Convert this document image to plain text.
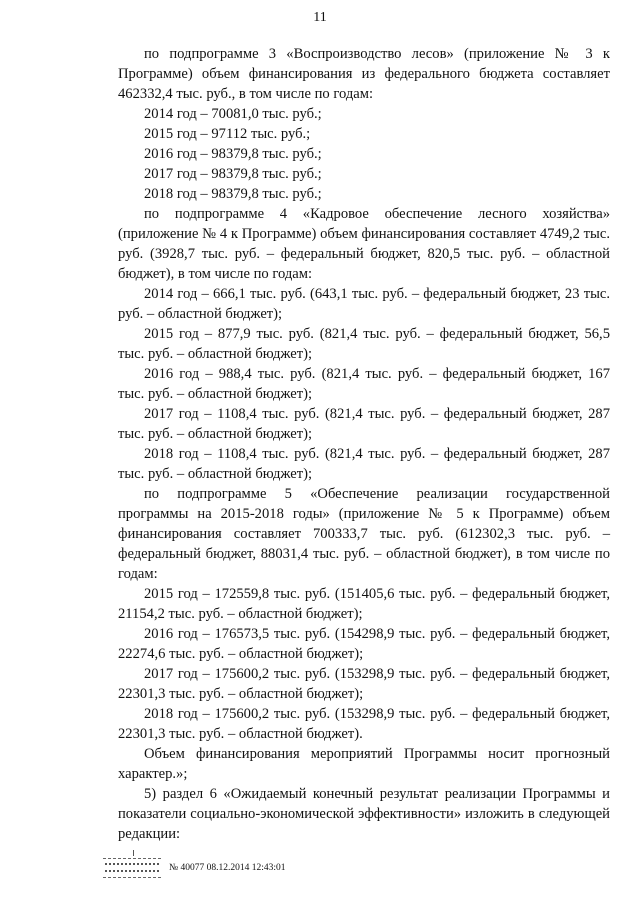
11

по подпрограмме 3 «Воспроизводство лесов» (приложение № 3 к Программе) объем финансирования из федерального бюджета составляет 462332,4 тыс. руб., в том числе по годам:

2014 год – 70081,0 тыс. руб.;

2015 год – 97112 тыс. руб.;

2016 год – 98379,8 тыс. руб.;

2017 год – 98379,8 тыс. руб.;

2018 год – 98379,8 тыс. руб.;

по подпрограмме 4 «Кадровое обеспечение лесного хозяйства» (приложение № 4 к Программе) объем финансирования составляет 4749,2 тыс. руб. (3928,7 тыс. руб. – федеральный бюджет, 820,5 тыс. руб. – областной бюджет), в том числе по годам:

2014 год – 666,1 тыс. руб. (643,1 тыс. руб. – федеральный бюджет, 23 тыс. руб. – областной бюджет);

2015 год – 877,9 тыс. руб. (821,4 тыс. руб. – федеральный бюджет, 56,5 тыс. руб. – областной бюджет);

2016 год – 988,4 тыс. руб. (821,4 тыс. руб. – федеральный бюджет, 167 тыс. руб. – областной бюджет);

2017 год – 1108,4 тыс. руб. (821,4 тыс. руб. – федеральный бюджет, 287 тыс. руб. – областной бюджет);

2018 год – 1108,4 тыс. руб. (821,4 тыс. руб. – федеральный бюджет, 287 тыс. руб. – областной бюджет);

по подпрограмме 5 «Обеспечение реализации государственной программы на 2015-2018 годы» (приложение № 5 к Программе) объем финансирования составляет 700333,7 тыс. руб. (612302,3 тыс. руб. – федеральный бюджет, 88031,4 тыс. руб. – областной бюджет), в том числе по годам:

2015 год – 172559,8 тыс. руб. (151405,6 тыс. руб. – федеральный бюджет, 21154,2 тыс. руб. – областной бюджет);

2016 год – 176573,5 тыс. руб. (154298,9 тыс. руб. – федеральный бюджет, 22274,6 тыс. руб. – областной бюджет);

2017 год – 175600,2 тыс. руб. (153298,9 тыс. руб. – федеральный бюджет, 22301,3 тыс. руб. – областной бюджет);

2018 год – 175600,2 тыс. руб. (153298,9 тыс. руб. – федеральный бюджет, 22301,3 тыс. руб. – областной бюджет).

Объем финансирования мероприятий Программы носит прогнозный характер.»;

5) раздел 6 «Ожидаемый конечный результат реализации Программы и показатели социально-экономической эффективности» изложить в следующей редакции:

№ 40077 08.12.2014 12:43:01
